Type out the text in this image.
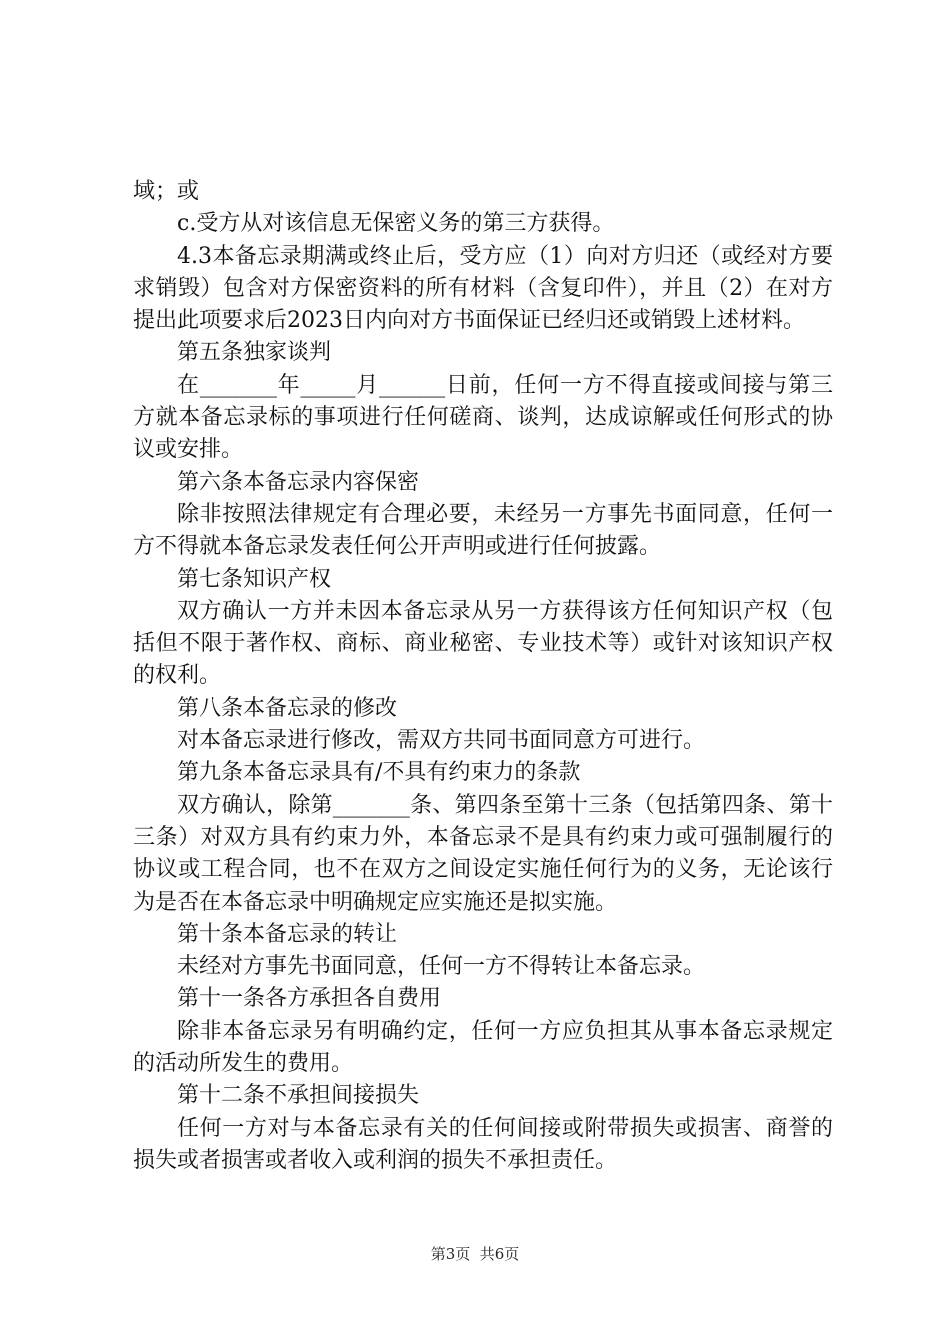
域；或

c.受方从对该信息无保密义务的第三方获得。

4.3本备忘录期满或终止后，受方应（1）向对方归还（或经对方要求销毁）包含对方保密资料的所有材料（含复印件），并且（2）在对方提出此项要求后2023日内向对方书面保证已经归还或销毁上述材料。

第五条独家谈判

在_______年_____月______日前，任何一方不得直接或间接与第三方就本备忘录标的事项进行任何磋商、谈判，达成谅解或任何形式的协议或安排。

第六条本备忘录内容保密

除非按照法律规定有合理必要，未经另一方事先书面同意，任何一方不得就本备忘录发表任何公开声明或进行任何披露。

第七条知识产权

双方确认一方并未因本备忘录从另一方获得该方任何知识产权（包括但不限于著作权、商标、商业秘密、专业技术等）或针对该知识产权的权利。

第八条本备忘录的修改

对本备忘录进行修改，需双方共同书面同意方可进行。

第九条本备忘录具有/不具有约束力的条款

双方确认，除第_______条、第四条至第十三条（包括第四条、第十三条）对双方具有约束力外，本备忘录不是具有约束力或可强制履行的协议或工程合同，也不在双方之间设定实施任何行为的义务，无论该行为是否在本备忘录中明确规定应实施还是拟实施。

第十条本备忘录的转让

未经对方事先书面同意，任何一方不得转让本备忘录。

第十一条各方承担各自费用

除非本备忘录另有明确约定，任何一方应负担其从事本备忘录规定的活动所发生的费用。

第十二条不承担间接损失

任何一方对与本备忘录有关的任何间接或附带损失或损害、商誉的损失或者损害或者收入或利润的损失不承担责任。

第3页  共6页
